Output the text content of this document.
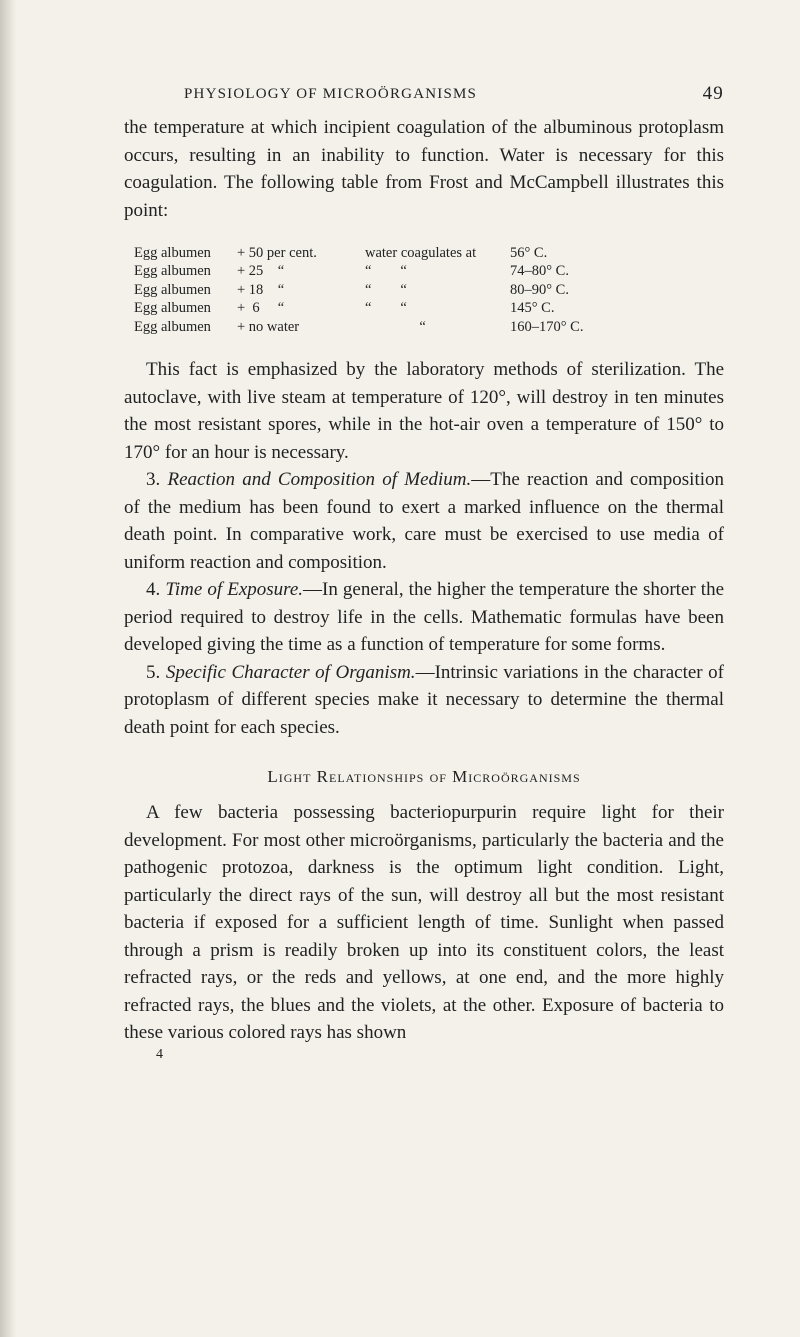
PHYSIOLOGY OF MICROÖRGANISMS	49

the temperature at which incipient coagulation of the albuminous protoplasm occurs, resulting in an inability to function. Water is necessary for this coagulation. The following table from Frost and McCampbell illustrates this point:

Egg albumen	+ 50 per cent.	water coagulates at	56° C.
Egg albumen	+ 25    “	“        “	74–80° C.
Egg albumen	+ 18    “	“        “	80–90° C.
Egg albumen	+  6     “	“        “	145° C.
Egg albumen	+ no water	“	160–170° C.

This fact is emphasized by the laboratory methods of sterilization. The autoclave, with live steam at temperature of 120°, will destroy in ten minutes the most resistant spores, while in the hot-air oven a temperature of 150° to 170° for an hour is necessary.

3. Reaction and Composition of Medium.—The reaction and composition of the medium has been found to exert a marked influence on the thermal death point. In comparative work, care must be exercised to use media of uniform reaction and composition.

4. Time of Exposure.—In general, the higher the temperature the shorter the period required to destroy life in the cells. Mathematic formulas have been developed giving the time as a function of temperature for some forms.

5. Specific Character of Organism.—Intrinsic variations in the character of protoplasm of different species make it necessary to determine the thermal death point for each species.

Light Relationships of Microörganisms

A few bacteria possessing bacteriopurpurin require light for their development. For most other microörganisms, particularly the bacteria and the pathogenic protozoa, darkness is the optimum light condition. Light, particularly the direct rays of the sun, will destroy all but the most resistant bacteria if exposed for a sufficient length of time. Sunlight when passed through a prism is readily broken up into its constituent colors, the least refracted rays, or the reds and yellows, at one end, and the more highly refracted rays, the blues and the violets, at the other. Exposure of bacteria to these various colored rays has shown

4
